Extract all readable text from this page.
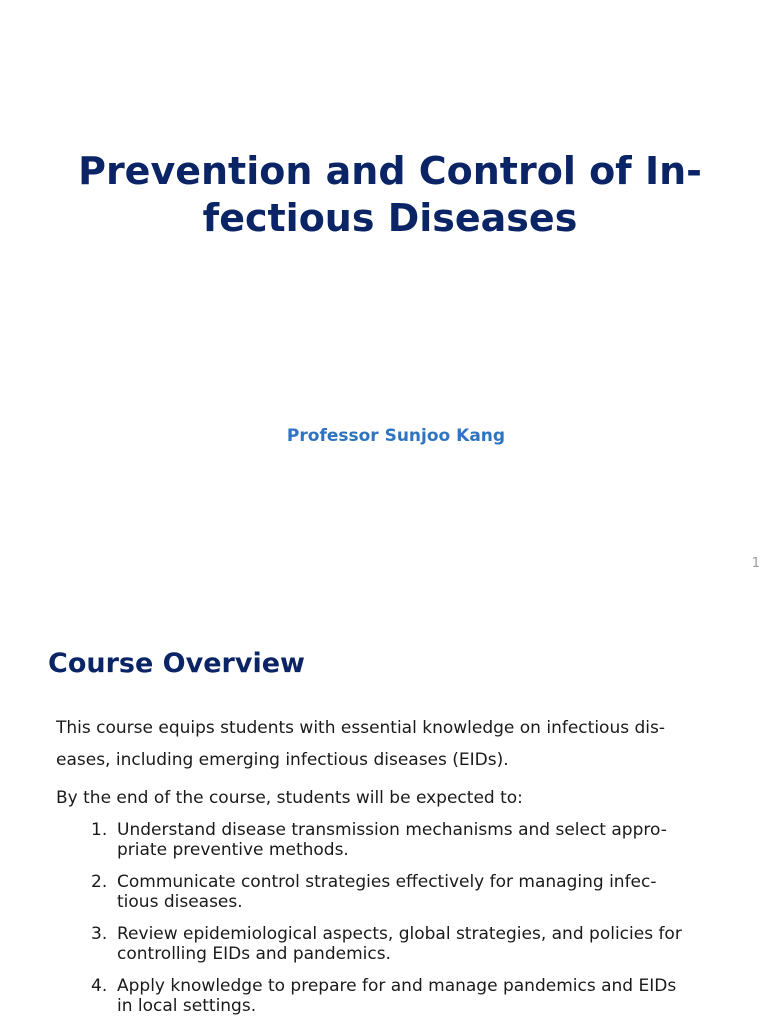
Prevention and Control of In-
fectious Diseases
Professor Sunjoo Kang
1
Course Overview

This course equips students with essential knowledge on infectious dis-
eases, including emerging infectious diseases (EIDs).

By the end of the course, students will be expected to:

1. Understand disease transmission mechanisms and select appro-
priate preventive methods.
2. Communicate control strategies effectively for managing infec-
tious diseases.
3. Review epidemiological aspects, global strategies, and policies for
controlling EIDs and pandemics.
4. Apply knowledge to prepare for and manage pandemics and EIDs
in local settings.
